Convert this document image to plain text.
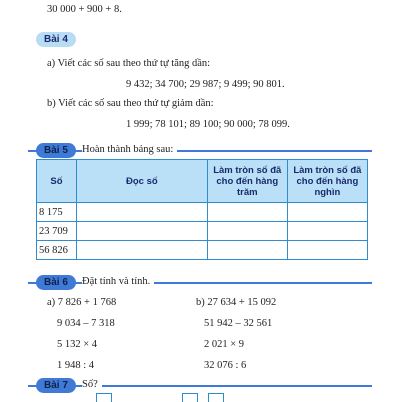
30 000 + 900 + 8.
Bài 4
a) Viết các số sau theo thứ tự tăng dần:
9 432; 34 700; 29 987; 9 499; 90 801.
b) Viết các số sau theo thứ tự giảm dần:
1 999; 78 101; 89 100; 90 000; 78 099.
Bài 5	Hoàn thành bảng sau:
Số	Đọc số	Làm tròn số đã cho đến hàng trăm	Làm tròn số đã cho đến hàng nghìn
8 175			
23 709			
56 826			
Bài 6	Đặt tính và tính.
a) 7 826 + 1 768
9 034 – 7 318
5 132 × 4
1 948 : 4
b) 27 634 + 15 092
51 942 – 32 561
2 021 × 9
32 076 : 6
Bài 7	Số?
